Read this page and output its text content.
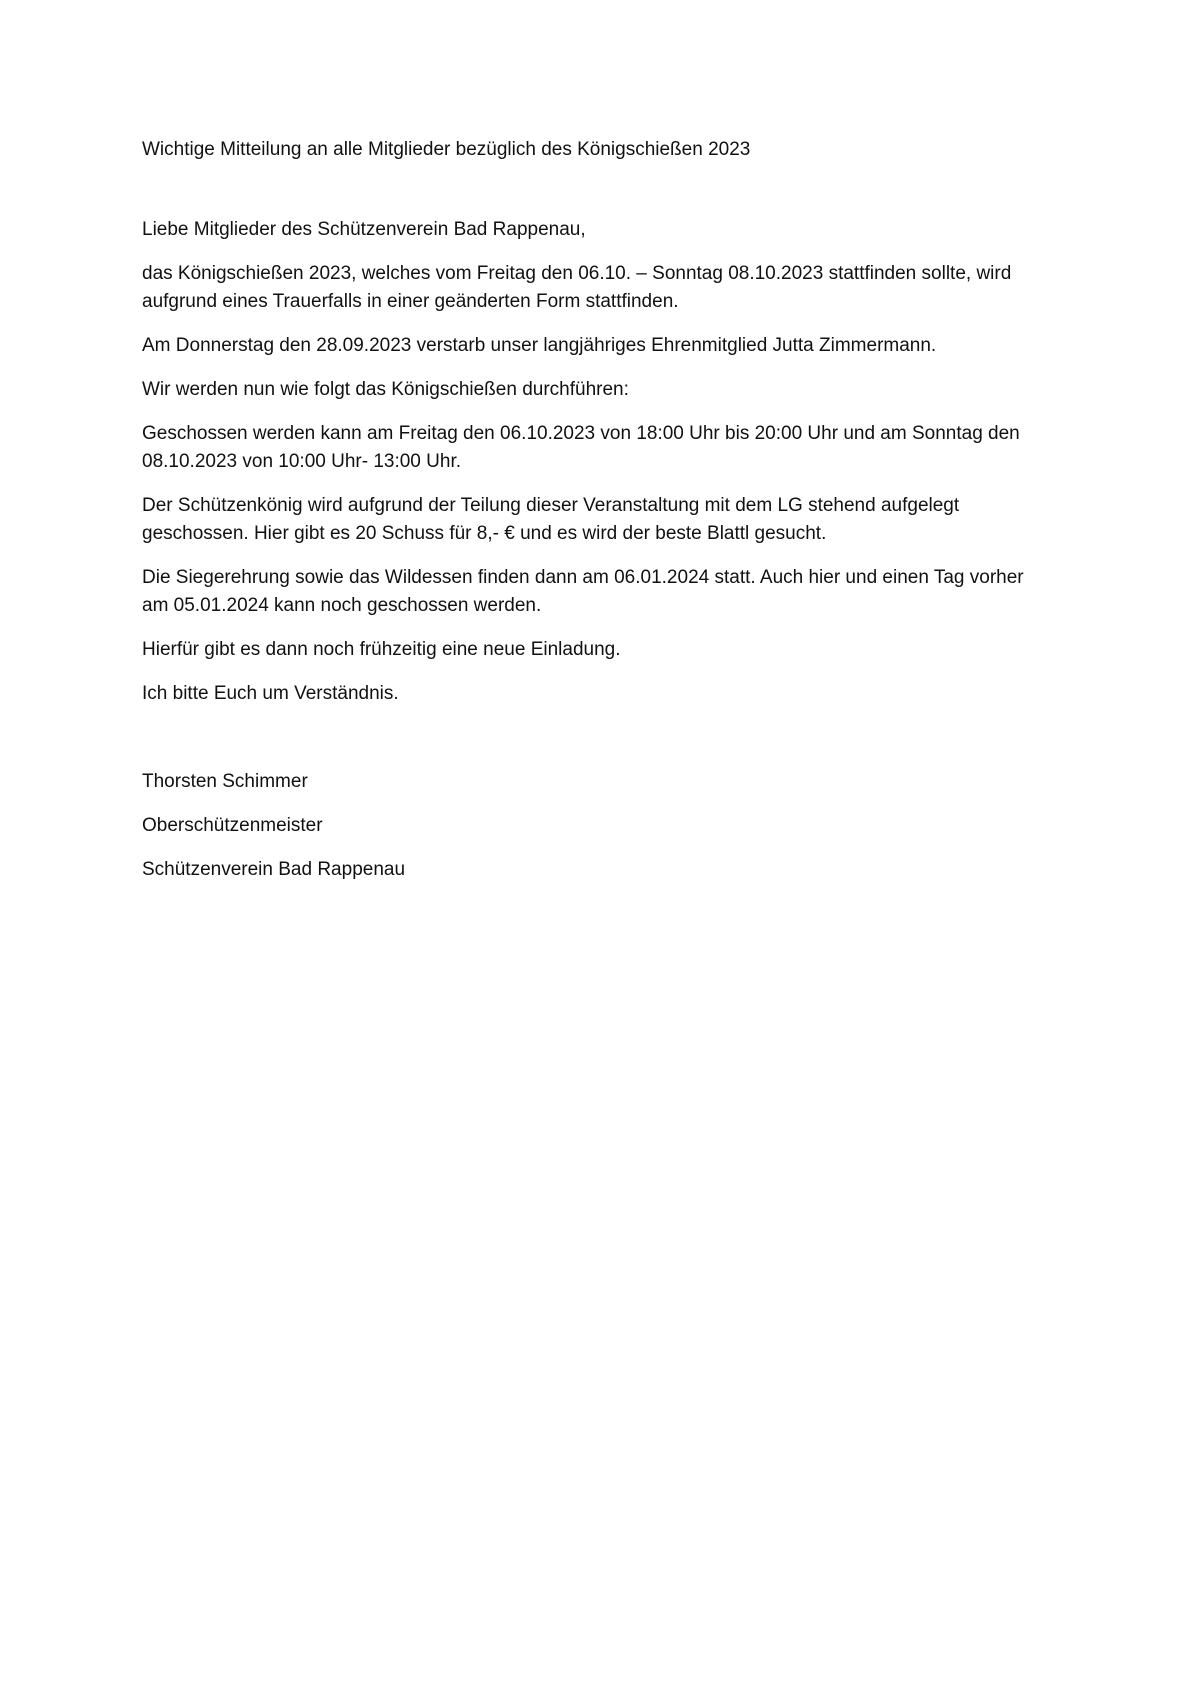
Wichtige Mitteilung an alle Mitglieder bezüglich des Königschießen 2023

Liebe Mitglieder des Schützenverein Bad Rappenau,

das Königschießen 2023, welches vom Freitag den 06.10. – Sonntag 08.10.2023 stattfinden sollte, wird aufgrund eines Trauerfalls in einer geänderten Form stattfinden.

Am Donnerstag den 28.09.2023 verstarb unser langjähriges Ehrenmitglied Jutta Zimmermann.

Wir werden nun wie folgt das Königschießen durchführen:

Geschossen werden kann am Freitag den 06.10.2023 von 18:00 Uhr bis 20:00 Uhr und am Sonntag den 08.10.2023 von 10:00 Uhr- 13:00 Uhr.

Der Schützenkönig wird aufgrund der Teilung dieser Veranstaltung mit dem LG stehend aufgelegt geschossen. Hier gibt es 20 Schuss für 8,- € und es wird der beste Blattl gesucht.

Die Siegerehrung sowie das Wildessen finden dann am 06.01.2024 statt. Auch hier und einen Tag vorher am 05.01.2024 kann noch geschossen werden.

Hierfür gibt es dann noch frühzeitig eine neue Einladung.

Ich bitte Euch um Verständnis.

Thorsten Schimmer

Oberschützenmeister

Schützenverein Bad Rappenau
